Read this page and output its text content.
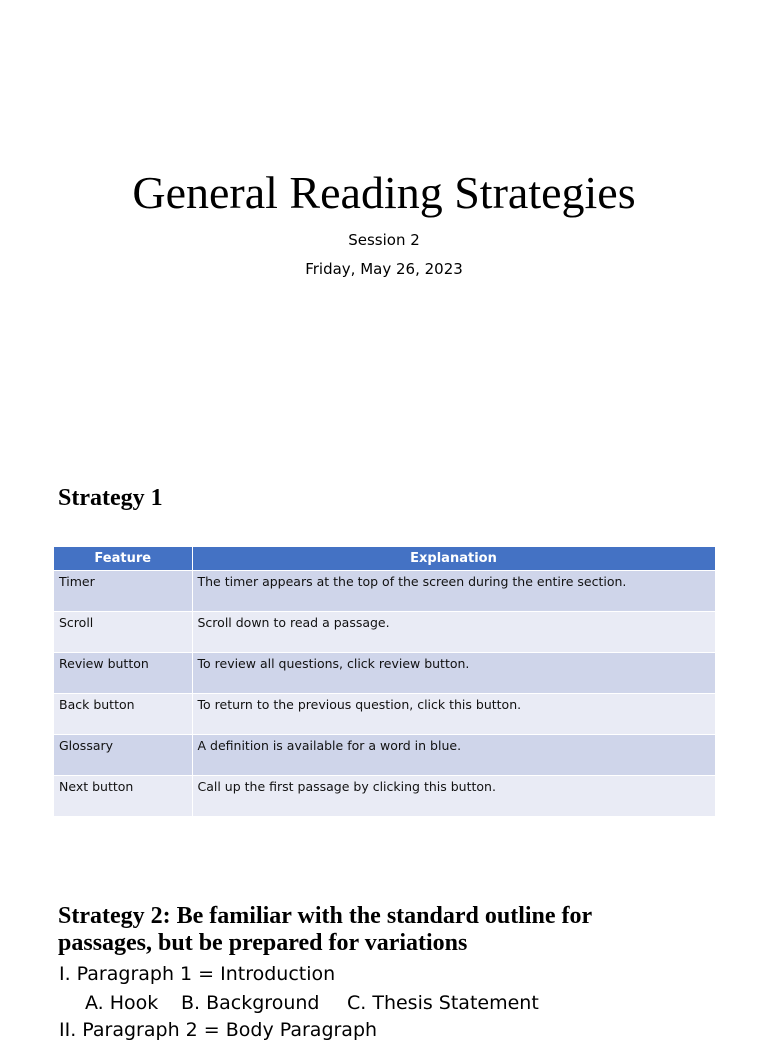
General Reading Strategies
Session 2
Friday, May 26, 2023
Strategy 1
Feature	Explanation
Timer	The timer appears at the top of the screen during the entire section.
Scroll	Scroll down to read a passage.
Review button	To review all questions, click review button.
Back button	To return to the previous question, click this button.
Glossary	A definition is available for a word in blue.
Next button	Call up the first passage by clicking this button.
Strategy 2: Be familiar with the standard outline for
passages, but be prepared for variations
I. Paragraph 1 = Introduction
A. Hook B. Background C. Thesis Statement
II. Paragraph 2 = Body Paragraph
